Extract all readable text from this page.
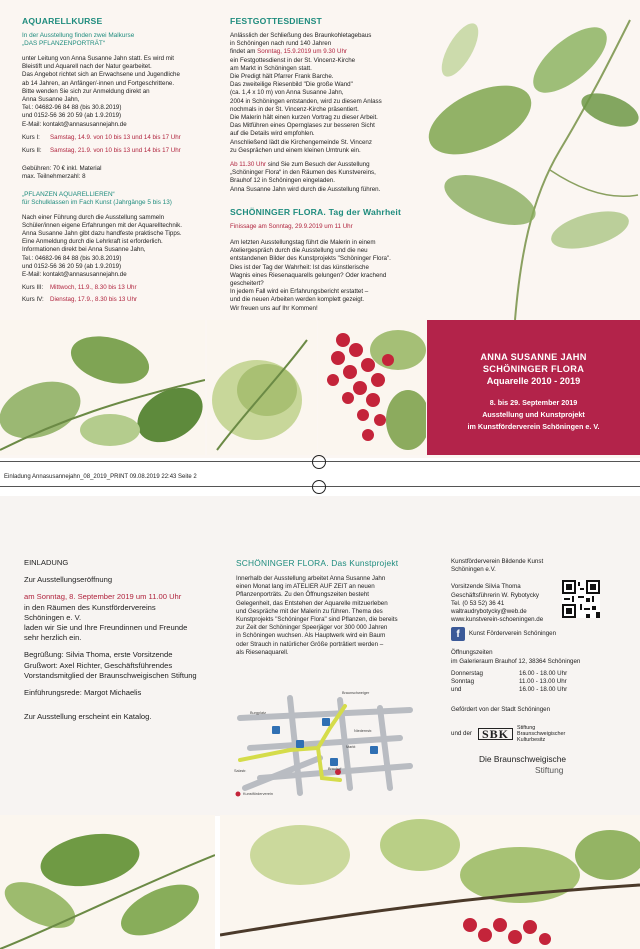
AQUARELLKURSE
In der Ausstellung finden zwei Malkurse
„DAS PFLANZENPORTRÄT“
unter Leitung von Anna Susanne Jahn statt. Es wird mit
Bleistift und Aquarell nach der Natur gearbeitet.
Das Angebot richtet sich an Erwachsene und Jugendliche
ab 14 Jahren, an Anfänger/-innen und Fortgeschrittene.
Bitte wenden Sie sich zur Anmeldung direkt an
Anna Susanne Jahn,
Tel.: 04682-96 84 88 (bis 30.8.2019)
und 0152-56 36 20 59 (ab 1.9.2019)
E-Mail: kontakt@annasusannejahn.de
Kurs I: Samstag, 14.9. von 10 bis 13 und 14 bis 17 Uhr
Kurs II: Samstag, 21.9. von 10 bis 13 und 14 bis 17 Uhr
Gebühren: 70 € inkl. Material
max. Teilnehmerzahl: 8
„PFLANZEN AQUARELLIEREN“
für Schulklassen im Fach Kunst (Jahrgänge 5 bis 13)
Nach einer Führung durch die Ausstellung sammeln
Schüler/innen eigene Erfahrungen mit der Aquarelltechnik.
Anna Susanne Jahn gibt dazu handfeste praktische Tipps.
Eine Anmeldung durch die Lehrkraft ist erforderlich.
Informationen direkt bei Anna Susanne Jahn,
Tel.: 04682-96 84 88 (bis 30.8.2019)
und 0152-56 36 20 59 (ab 1.9.2019)
E-Mail: kontakt@annasusannejahn.de
Kurs III: Mittwoch, 11.9., 8.30 bis 13 Uhr
Kurs IV: Dienstag, 17.9., 8.30 bis 13 Uhr
FESTGOTTESDIENST
Anlässlich der Schließung des Braunkohletagebaus
in Schöningen nach rund 140 Jahren
findet am Sonntag, 15.9.2019 um 9.30 Uhr
ein Festgottesdienst in der St. Vincenz-Kirche
am Markt in Schöningen statt.
Die Predigt hält Pfarrer Frank Barche.
Das zweiteilige Riesenbild "Die große Wand"
(ca. 1,4 x 10 m) von Anna Susanne Jahn,
2004 in Schöningen entstanden, wird zu diesem Anlass
nochmals in der St. Vincenz-Kirche präsentiert.
Die Malerin hält einen kurzen Vortrag zu dieser Arbeit.
Das Mitführen eines Opernglases zur besseren Sicht
auf die Details wird empfohlen.
Anschließend lädt die Kirchengemeinde St. Vincenz
zu Gesprächen und einem kleinen Umtrunk ein.
Ab 11.30 Uhr sind Sie zum Besuch der Ausstellung
„Schöninger Flora“ in den Räumen des Kunstvereins,
Brauhof 12 in Schöningen eingeladen.
Anna Susanne Jahn wird durch die Ausstellung führen.
SCHÖNINGER FLORA. Tag der Wahrheit
Finissage am Sonntag, 29.9.2019 um 11 Uhr
Am letzten Ausstellungstag führt die Malerin in einem
Ateliergespräch durch die Ausstellung und die neu
entstandenen Bilder des Kunstprojekts "Schöninger Flora".
Dies ist der Tag der Wahrheit: Ist das künstlerische
Wagnis eines Riesenaquarells gelungen? Oder krachend
gescheitert?
In jedem Fall wird ein Erfahrungsbericht erstattet –
und die neuen Arbeiten werden komplett gezeigt.
Wir freuen uns auf Ihr Kommen!
ANNA SUSANNE JAHN
SCHÖNINGER FLORA
Aquarelle 2010 - 2019
8. bis 29. September 2019
Ausstellung und Kunstprojekt
im Kunstförderverein Schöningen e. V.
Einladung Annasusannejahn_08_2019_PRINT 09.08.2019 22:43 Seite 2
EINLADUNG
Zur Ausstellungseröffnung
am Sonntag, 8. September 2019 um 11.00 Uhr
in den Räumen des Kunstfördervereins
Schöningen e. V.
laden wir Sie und Ihre Freundinnen und Freunde
sehr herzlich ein.
Begrüßung: Silvia Thoma, erste Vorsitzende
Grußwort: Axel Richter, Geschäftsführendes
Vorstandsmitglied der Braunschweigischen Stiftung
Einführungsrede: Margot Michaelis
Zur Ausstellung erscheint ein Katalog.
SCHÖNINGER FLORA. Das Kunstprojekt
Innerhalb der Ausstellung arbeitet Anna Susanne Jahn
einen Monat lang im ATELIER AUF ZEIT an neuen
Pflanzenporträts. Zu den Öffnungszeiten besteht
Gelegenheit, das Entstehen der Aquarelle mitzuerleben
und Gespräche mit der Malerin zu führen. Thema des
Kunstprojekts "Schöninger Flora" sind Pflanzen, die bereits
zur Zeit der Schöninger Speerjäger vor 300 000 Jahren
in Schöningen wuchsen. Als Hauptwerk wird ein Baum
oder Strauch in natürlicher Größe porträtiert werden –
als Riesenaquarell.
Braunschweiger
Markt
Brauhof
Niedernstr.
Burgplatz
Salzstr.
Kunstförderverein
Kunstförderverein Bildende Kunst
Schöningen e.V.
Vorsitzende Silvia Thoma
Geschäftsführerin W. Rybotycky
Tel. (0 53 52) 36 41
waltraudrybotycky@web.de
www.kunstverein-schoeningen.de
f	Kunst Förderverein Schöningen
Öffnungszeiten
im Galerieraum Brauhof 12, 38364 Schöningen
Donnerstag	16.00 - 18.00 Uhr
Sonntag	11.00 - 13.00 Uhr
und	16.00 - 18.00 Uhr
Gefördert von der Stadt Schöningen
und der SBK	Stiftung
Braunschweigischer
Kulturbesitz
Die Braunschweigische
Stiftung
